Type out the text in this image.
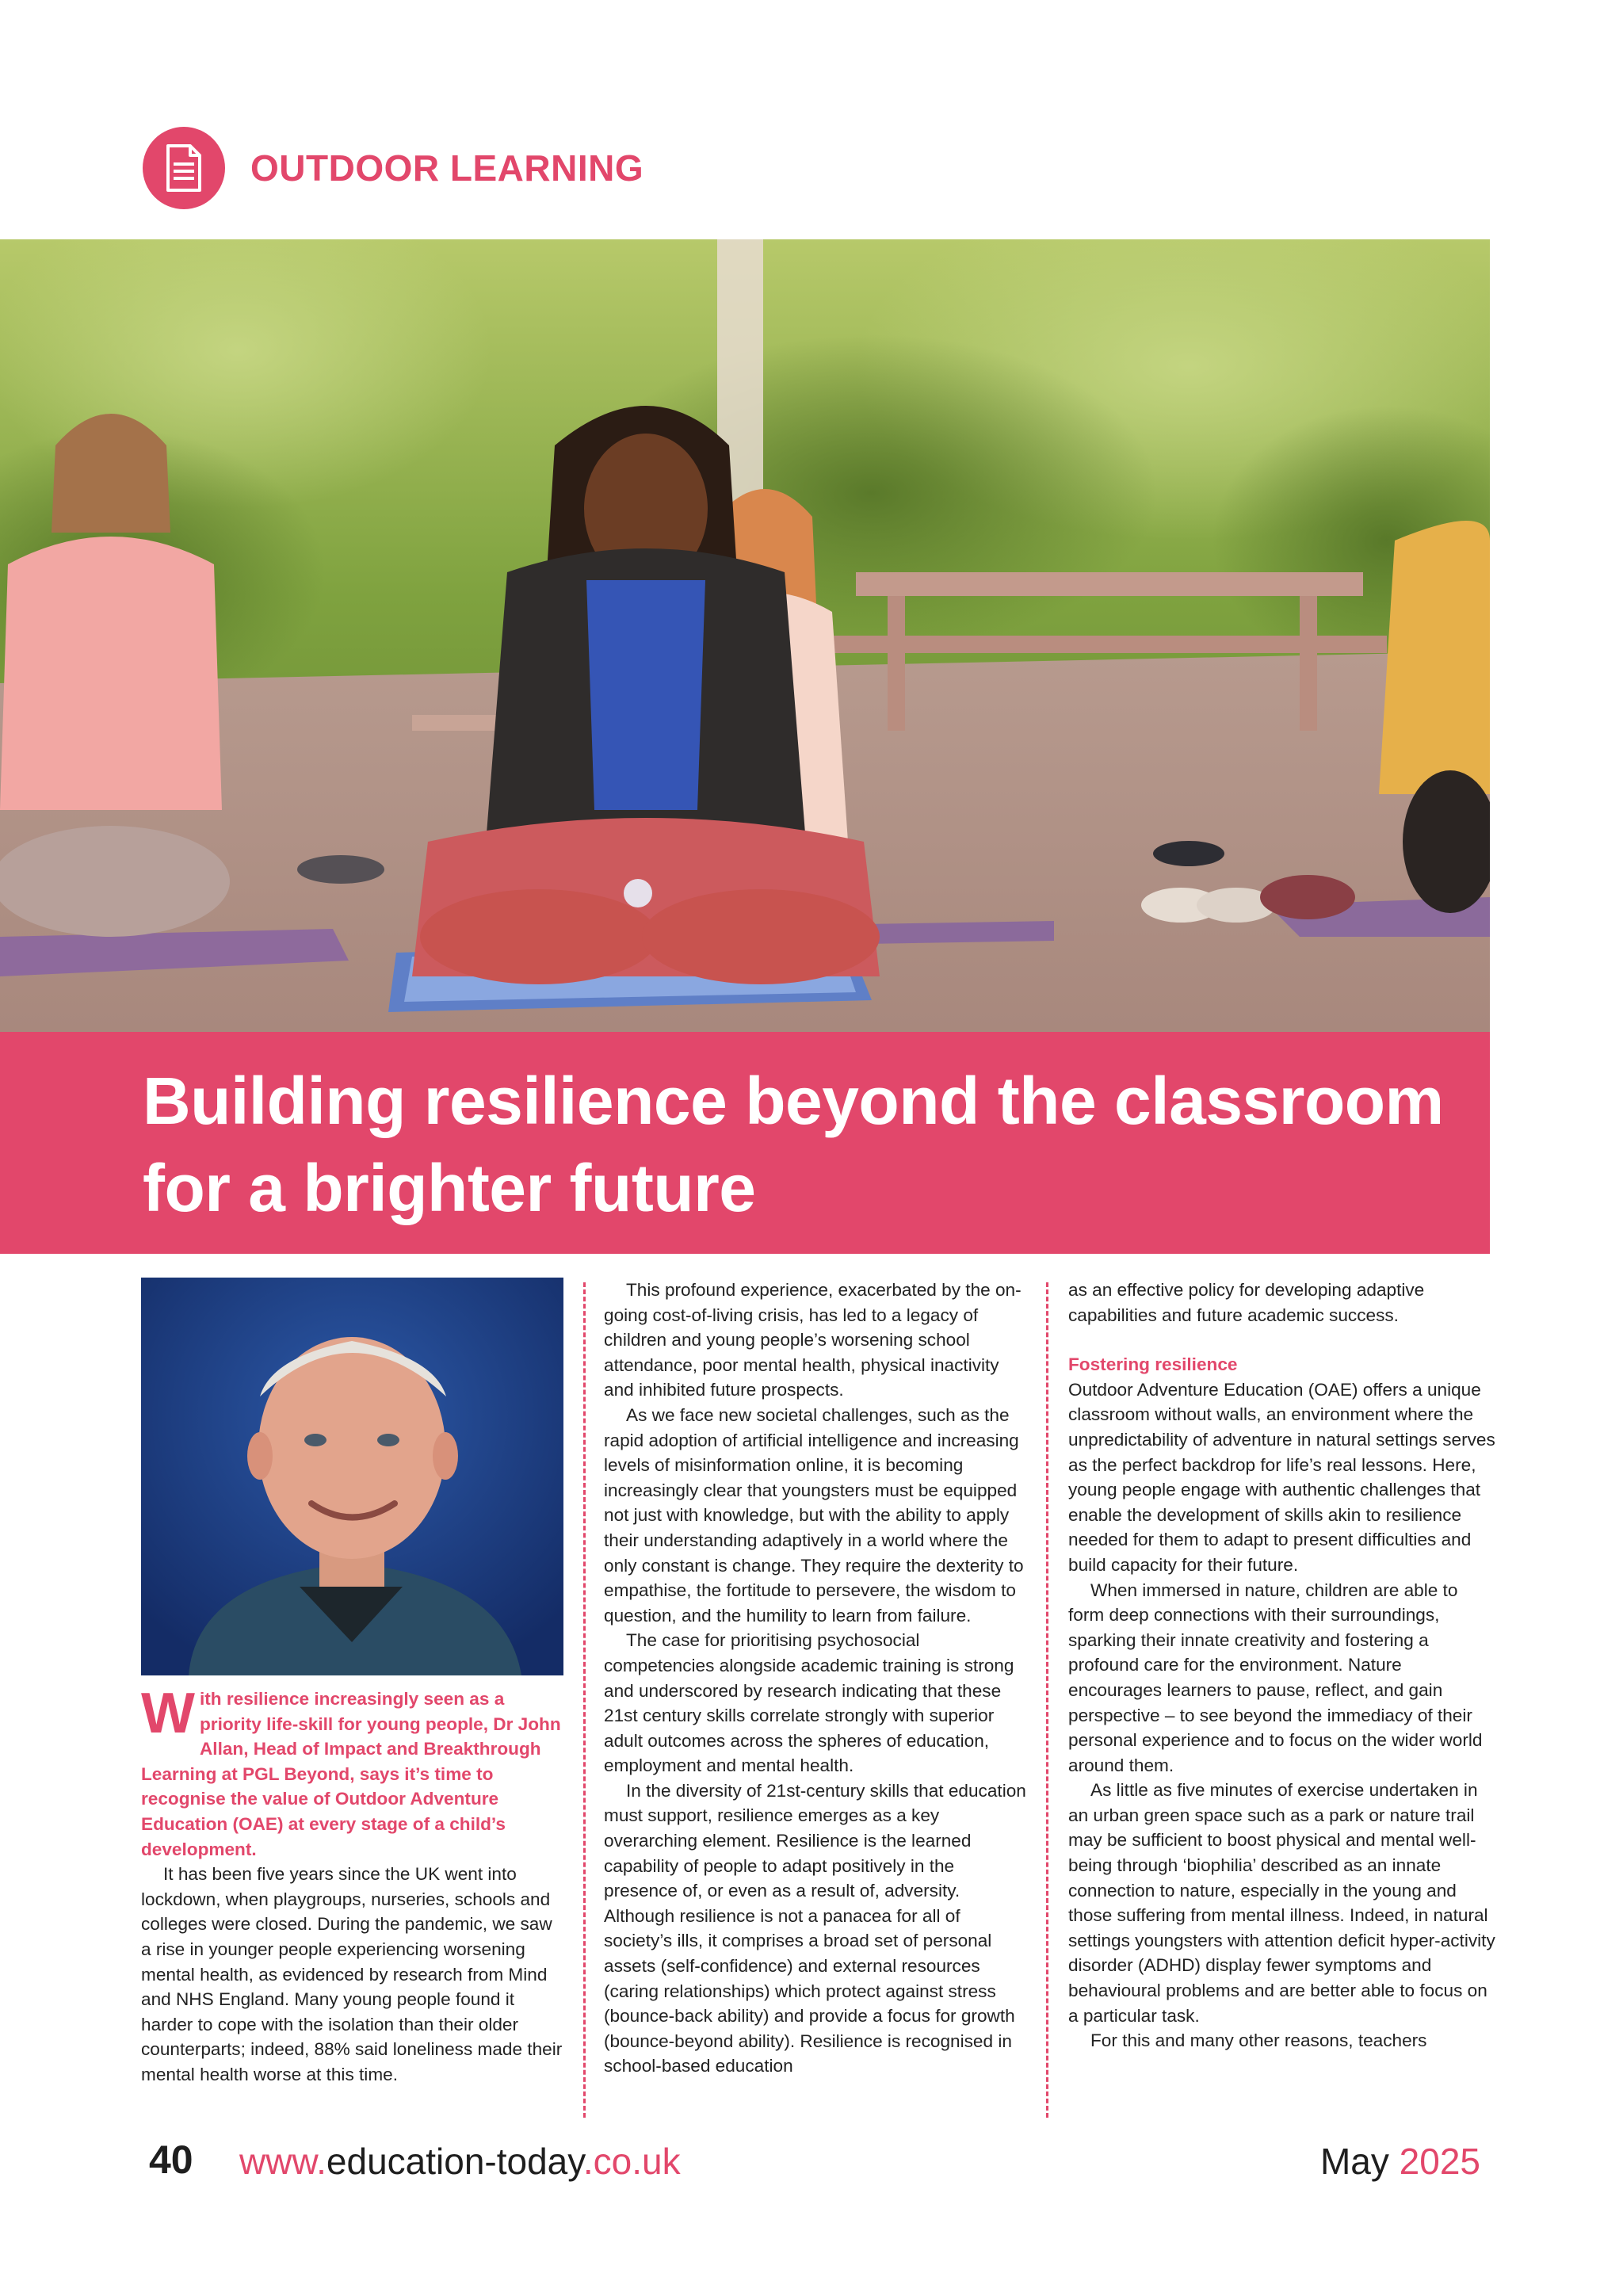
OUTDOOR LEARNING
Building resilience beyond the classroom for a brighter future

With resilience increasingly seen as a priority life-skill for young people, Dr John Allan, Head of Impact and Breakthrough Learning at PGL Beyond, says it’s time to recognise the value of Outdoor Adventure Education (OAE) at every stage of a child’s development.

It has been five years since the UK went into lockdown, when playgroups, nurseries, schools and colleges were closed. During the pandemic, we saw a rise in younger people experiencing worsening mental health, as evidenced by research from Mind and NHS England. Many young people found it harder to cope with the isolation than their older counterparts; indeed, 88% said loneliness made their mental health worse at this time.

This profound experience, exacerbated by the on-going cost-of-living crisis, has led to a legacy of children and young people’s worsening school attendance, poor mental health, physical inactivity and inhibited future prospects.

As we face new societal challenges, such as the rapid adoption of artificial intelligence and increasing levels of misinformation online, it is becoming increasingly clear that youngsters must be equipped not just with knowledge, but with the ability to apply their understanding adaptively in a world where the only constant is change. They require the dexterity to empathise, the fortitude to persevere, the wisdom to question, and the humility to learn from failure.

The case for prioritising psychosocial competencies alongside academic training is strong and underscored by research indicating that these 21st century skills correlate strongly with superior adult outcomes across the spheres of education, employment and mental health.

In the diversity of 21st-century skills that education must support, resilience emerges as a key overarching element. Resilience is the learned capability of people to adapt positively in the presence of, or even as a result of, adversity. Although resilience is not a panacea for all of society’s ills, it comprises a broad set of personal assets (self-confidence) and external resources (caring relationships) which protect against stress (bounce-back ability) and provide a focus for growth (bounce-beyond ability). Resilience is recognised in school-based education

as an effective policy for developing adaptive capabilities and future academic success.

Fostering resilience

Outdoor Adventure Education (OAE) offers a unique classroom without walls, an environment where the unpredictability of adventure in natural settings serves as the perfect backdrop for life’s real lessons. Here, young people engage with authentic challenges that enable the development of skills akin to resilience needed for them to adapt to present difficulties and build capacity for their future.

When immersed in nature, children are able to form deep connections with their surroundings, sparking their innate creativity and fostering a profound care for the environment. Nature encourages learners to pause, reflect, and gain perspective – to see beyond the immediacy of their personal experience and to focus on the wider world around them.

As little as five minutes of exercise undertaken in an urban green space such as a park or nature trail may be sufficient to boost physical and mental well-being through ‘biophilia’ described as an innate connection to nature, especially in the young and those suffering from mental illness. Indeed, in natural settings youngsters with attention deficit hyper-activity disorder (ADHD) display fewer symptoms and behavioural problems and are better able to focus on a particular task.

For this and many other reasons, teachers

40 www.education-today.co.uk	May 2025
